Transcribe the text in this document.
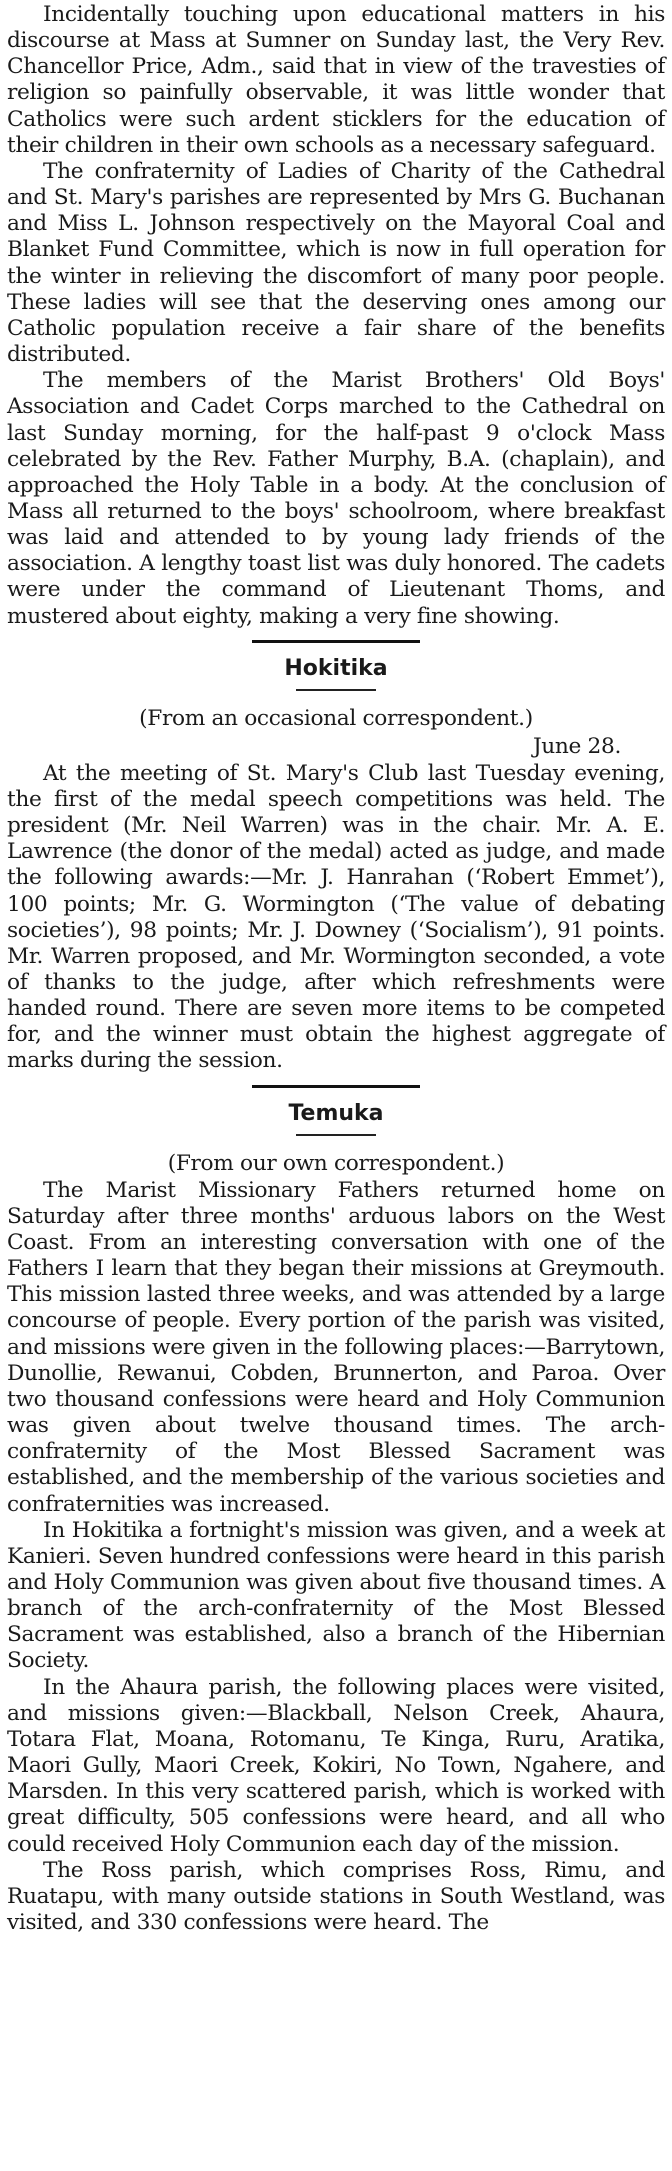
Incidentally touching upon educational matters in his discourse at Mass at Sumner on Sunday last, the Very Rev. Chancellor Price, Adm., said that in view of the travesties of religion so painfully observable, it was little wonder that Catholics were such ardent sticklers for the education of their children in their own schools as a necessary safeguard.

The confraternity of Ladies of Charity of the Cathedral and St. Mary's parishes are represented by Mrs G. Buchanan and Miss L. Johnson respectively on the Mayoral Coal and Blanket Fund Committee, which is now in full operation for the winter in relieving the discomfort of many poor people. These ladies will see that the deserving ones among our Catholic population receive a fair share of the benefits distributed.

The members of the Marist Brothers' Old Boys' Association and Cadet Corps marched to the Cathedral on last Sunday morning, for the half-past 9 o'clock Mass celebrated by the Rev. Father Murphy, B.A. (chaplain), and approached the Holy Table in a body. At the conclusion of Mass all returned to the boys' schoolroom, where breakfast was laid and attended to by young lady friends of the association. A lengthy toast list was duly honored. The cadets were under the command of Lieutenant Thoms, and mustered about eighty, making a very fine showing.

Hokitika

(From an occasional correspondent.)

June 28.

At the meeting of St. Mary's Club last Tuesday evening, the first of the medal speech competitions was held. The president (Mr. Neil Warren) was in the chair. Mr. A. E. Lawrence (the donor of the medal) acted as judge, and made the following awards:—Mr. J. Hanrahan (‘Robert Emmet’), 100 points; Mr. G. Wormington (‘The value of debating societies’), 98 points; Mr. J. Downey (‘Socialism’), 91 points. Mr. Warren proposed, and Mr. Wormington seconded, a vote of thanks to the judge, after which refreshments were handed round. There are seven more items to be competed for, and the winner must obtain the highest aggregate of marks during the session.

Temuka

(From our own correspondent.)

The Marist Missionary Fathers returned home on Saturday after three months' arduous labors on the West Coast. From an interesting conversation with one of the Fathers I learn that they began their missions at Greymouth. This mission lasted three weeks, and was attended by a large concourse of people. Every portion of the parish was visited, and missions were given in the following places:—Barrytown, Dunollie, Rewanui, Cobden, Brunnerton, and Paroa. Over two thousand confessions were heard and Holy Communion was given about twelve thousand times. The arch-confraternity of the Most Blessed Sacrament was established, and the membership of the various societies and confraternities was increased.

In Hokitika a fortnight's mission was given, and a week at Kanieri. Seven hundred confessions were heard in this parish and Holy Communion was given about five thousand times. A branch of the arch-confraternity of the Most Blessed Sacrament was established, also a branch of the Hibernian Society.

In the Ahaura parish, the following places were visited, and missions given:—Blackball, Nelson Creek, Ahaura, Totara Flat, Moana, Rotomanu, Te Kinga, Ruru, Aratika, Maori Gully, Maori Creek, Kokiri, No Town, Ngahere, and Marsden. In this very scattered parish, which is worked with great difficulty, 505 confessions were heard, and all who could received Holy Communion each day of the mission.

The Ross parish, which comprises Ross, Rimu, and Ruatapu, with many outside stations in South Westland, was visited, and 330 confessions were heard. The
